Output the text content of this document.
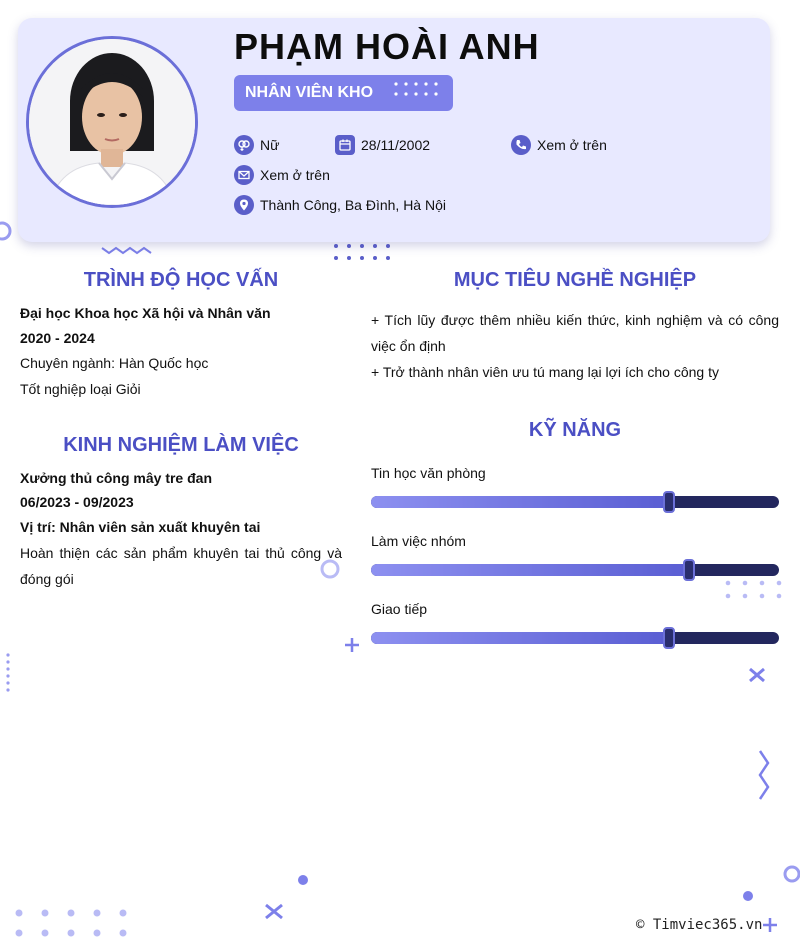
PHẠM HOÀI ANH
NHÂN VIÊN KHO
Nữ	28/11/2002	Xem ở trên
Xem ở trên
Thành Công, Ba Đình, Hà Nội
TRÌNH ĐỘ HỌC VẤN
Đại học Khoa học Xã hội và Nhân văn
2020 - 2024
Chuyên ngành: Hàn Quốc học
Tốt nghiệp loại Giỏi
KINH NGHIỆM LÀM VIỆC
Xưởng thủ công mây tre đan
06/2023 - 09/2023
Vị trí: Nhân viên sản xuất khuyên tai
Hoàn thiện các sản phẩm khuyên tai thủ công và đóng gói
MỤC TIÊU NGHỀ NGHIỆP
+ Tích lũy được thêm nhiều kiến thức, kinh nghiệm và có công việc ổn định
+ Trở thành nhân viên ưu tú mang lại lợi ích cho công ty
KỸ NĂNG
Tin học văn phòng
Làm việc nhóm
Giao tiếp
© Timviec365.vn
